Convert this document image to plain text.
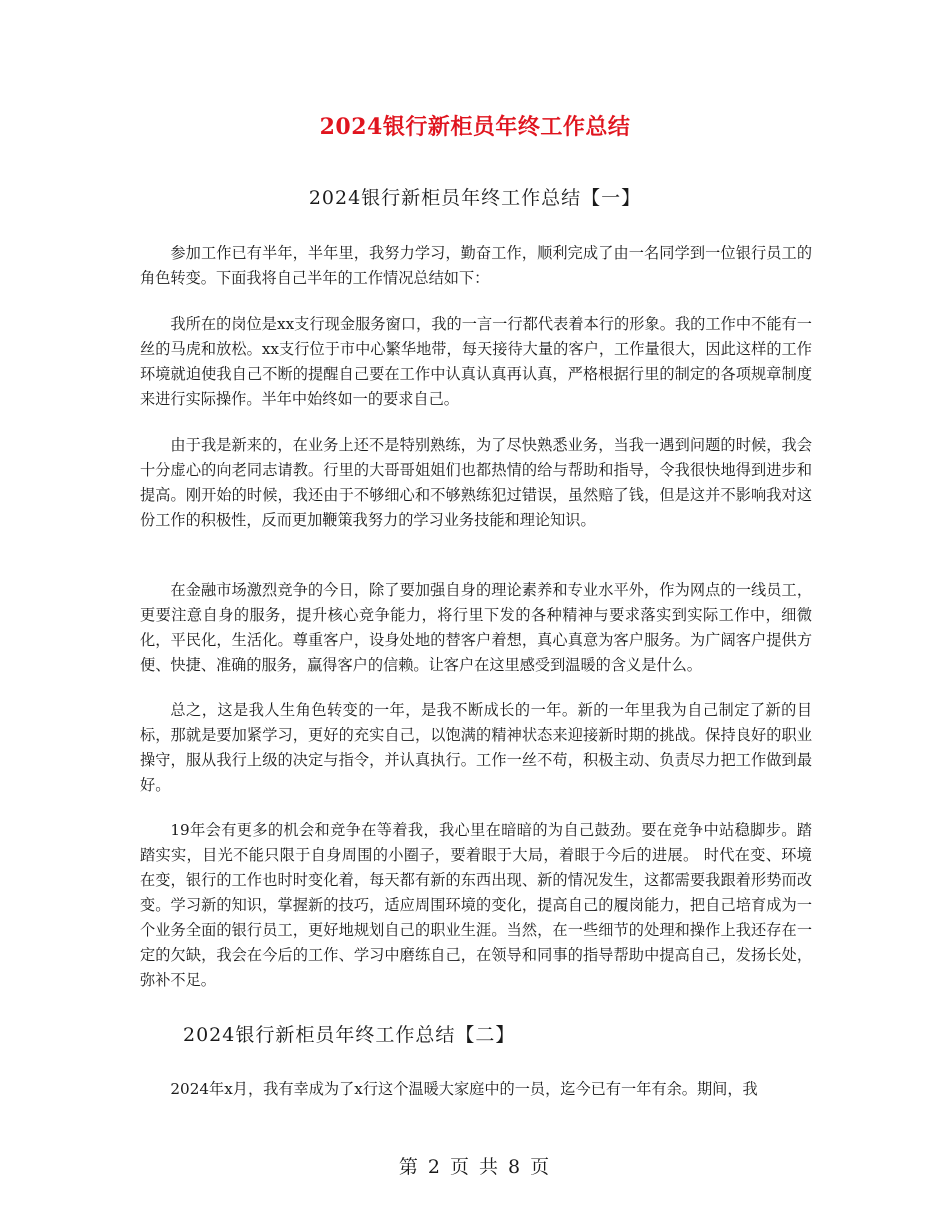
2024银行新柜员年终工作总结
2024银行新柜员年终工作总结【一】

参加工作已有半年，半年里，我努力学习，勤奋工作，顺利完成了由一名同学到一位银行员工的角色转变。下面我将自己半年的工作情况总结如下：

我所在的岗位是xx支行现金服务窗口，我的一言一行都代表着本行的形象。我的工作中不能有一丝的马虎和放松。xx支行位于市中心繁华地带，每天接待大量的客户，工作量很大，因此这样的工作环境就迫使我自己不断的提醒自己要在工作中认真认真再认真，严格根据行里的制定的各项规章制度来进行实际操作。半年中始终如一的要求自己。

由于我是新来的，在业务上还不是特别熟练，为了尽快熟悉业务，当我一遇到问题的时候，我会十分虚心的向老同志请教。行里的大哥哥姐姐们也都热情的给与帮助和指导，令我很快地得到进步和提高。刚开始的时候，我还由于不够细心和不够熟练犯过错误，虽然赔了钱，但是这并不影响我对这份工作的积极性，反而更加鞭策我努力的学习业务技能和理论知识。

在金融市场激烈竞争的今日，除了要加强自身的理论素养和专业水平外，作为网点的一线员工，更要注意自身的服务，提升核心竞争能力，将行里下发的各种精神与要求落实到实际工作中，细微化，平民化，生活化。尊重客户，设身处地的替客户着想，真心真意为客户服务。为广阔客户提供方便、快捷、准确的服务，赢得客户的信赖。让客户在这里感受到温暖的含义是什么。

总之，这是我人生角色转变的一年，是我不断成长的一年。新的一年里我为自己制定了新的目标，那就是要加紧学习，更好的充实自己，以饱满的精神状态来迎接新时期的挑战。保持良好的职业操守，服从我行上级的决定与指令，并认真执行。工作一丝不苟，积极主动、负责尽力把工作做到最好。

19年会有更多的机会和竞争在等着我，我心里在暗暗的为自己鼓劲。要在竞争中站稳脚步。踏踏实实，目光不能只限于自身周围的小圈子，要着眼于大局，着眼于今后的进展。 时代在变、环境在变，银行的工作也时时变化着，每天都有新的东西出现、新的情况发生，这都需要我跟着形势而改变。学习新的知识，掌握新的技巧，适应周围环境的变化，提高自己的履岗能力，把自己培育成为一个业务全面的银行员工，更好地规划自己的职业生涯。当然，在一些细节的处理和操作上我还存在一定的欠缺，我会在今后的工作、学习中磨练自己，在领导和同事的指导帮助中提高自己，发扬长处，弥补不足。

2024银行新柜员年终工作总结【二】

2024年x月，我有幸成为了x行这个温暖大家庭中的一员，迄今已有一年有余。期间，我

第 2 页 共 8 页
